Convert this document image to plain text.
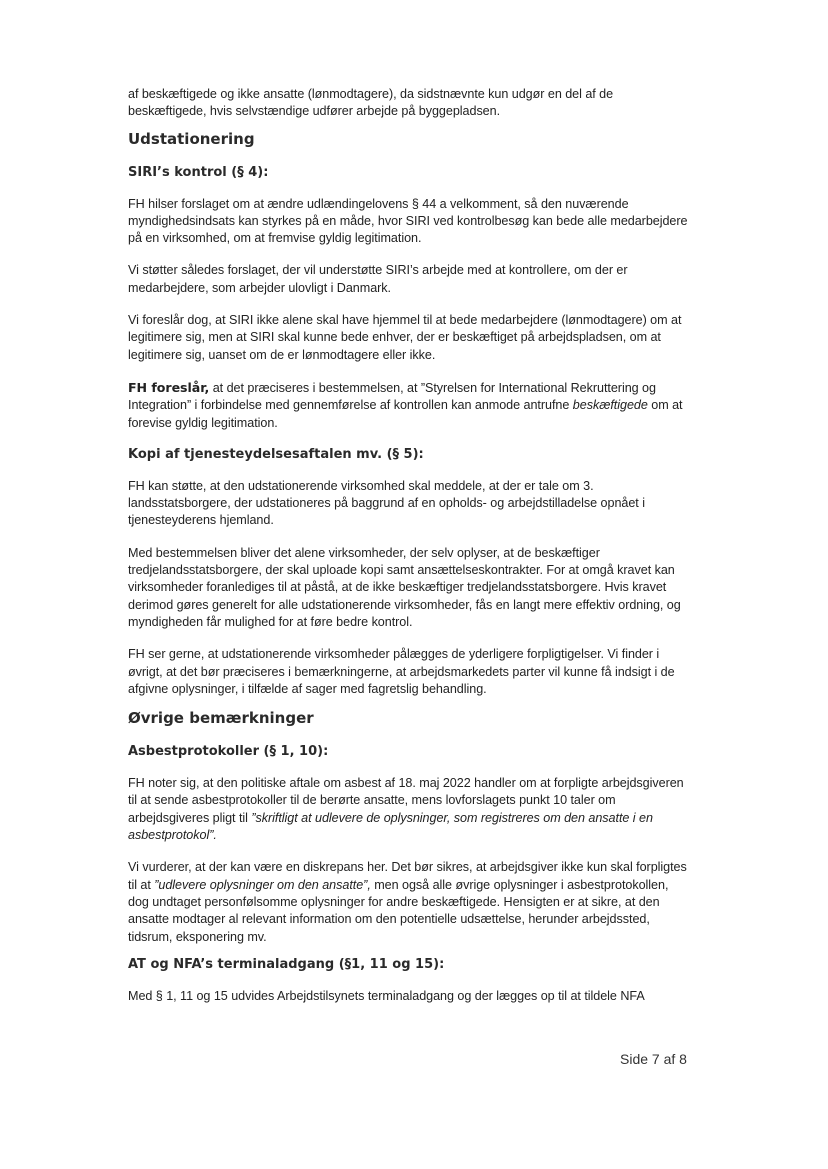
af beskæftigede og ikke ansatte (lønmodtagere), da sidstnævnte kun udgør en del af de beskæftigede, hvis selvstændige udfører arbejde på byggepladsen.

Udstationering
SIRI’s kontrol (§ 4):

FH hilser forslaget om at ændre udlændingelovens § 44 a velkomment, så den nuværende myndighedsindsats kan styrkes på en måde, hvor SIRI ved kontrolbesøg kan bede alle medarbejdere på en virksomhed, om at fremvise gyldig legitimation.

Vi støtter således forslaget, der vil understøtte SIRI’s arbejde med at kontrollere, om der er medarbejdere, som arbejder ulovligt i Danmark.

Vi foreslår dog, at SIRI ikke alene skal have hjemmel til at bede medarbejdere (lønmodtagere) om at legitimere sig, men at SIRI skal kunne bede enhver, der er beskæftiget på arbejdspladsen, om at legitimere sig, uanset om de er lønmodtagere eller ikke.

FH foreslår, at det præciseres i bestemmelsen, at ”Styrelsen for International Rekruttering og Integration” i forbindelse med gennemførelse af kontrollen kan anmode antrufne beskæftigede om at forevise gyldig legitimation.

Kopi af tjenesteydelsesaftalen mv. (§ 5):

FH kan støtte, at den udstationerende virksomhed skal meddele, at der er tale om 3. landsstatsborgere, der udstationeres på baggrund af en opholds- og arbejdstilladelse opnået i tjenesteyderens hjemland.

Med bestemmelsen bliver det alene virksomheder, der selv oplyser, at de beskæftiger tredjelandsstatsborgere, der skal uploade kopi samt ansættelseskontrakter. For at omgå kravet kan virksomheder foranlediges til at påstå, at de ikke beskæftiger tredjelandsstatsborgere. Hvis kravet derimod gøres generelt for alle udstationerende virksomheder, fås en langt mere effektiv ordning, og myndigheden får mulighed for at føre bedre kontrol.

FH ser gerne, at udstationerende virksomheder pålægges de yderligere forpligtigelser. Vi finder i øvrigt, at det bør præciseres i bemærkningerne, at arbejdsmarkedets parter vil kunne få indsigt i de afgivne oplysninger, i tilfælde af sager med fagretslig behandling.

Øvrige bemærkninger
Asbestprotokoller (§ 1, 10):

FH noter sig, at den politiske aftale om asbest af 18. maj 2022 handler om at forpligte arbejdsgiveren til at sende asbestprotokoller til de berørte ansatte, mens lovforslagets punkt 10 taler om arbejdsgiveres pligt til ”skriftligt at udlevere de oplysninger, som registreres om den ansatte i en asbestprotokol”.

Vi vurderer, at der kan være en diskrepans her. Det bør sikres, at arbejdsgiver ikke kun skal forpligtes til at ”udlevere oplysninger om den ansatte”, men også alle øvrige oplysninger i asbestprotokollen, dog undtaget personfølsomme oplysninger for andre beskæftigede. Hensigten er at sikre, at den ansatte modtager al relevant information om den potentielle udsættelse, herunder arbejdssted, tidsrum, eksponering mv.

AT og NFA’s terminaladgang (§1, 11 og 15):

Med § 1, 11 og 15 udvides Arbejdstilsynets terminaladgang og der lægges op til at tildele NFA

Side 7 af 8
